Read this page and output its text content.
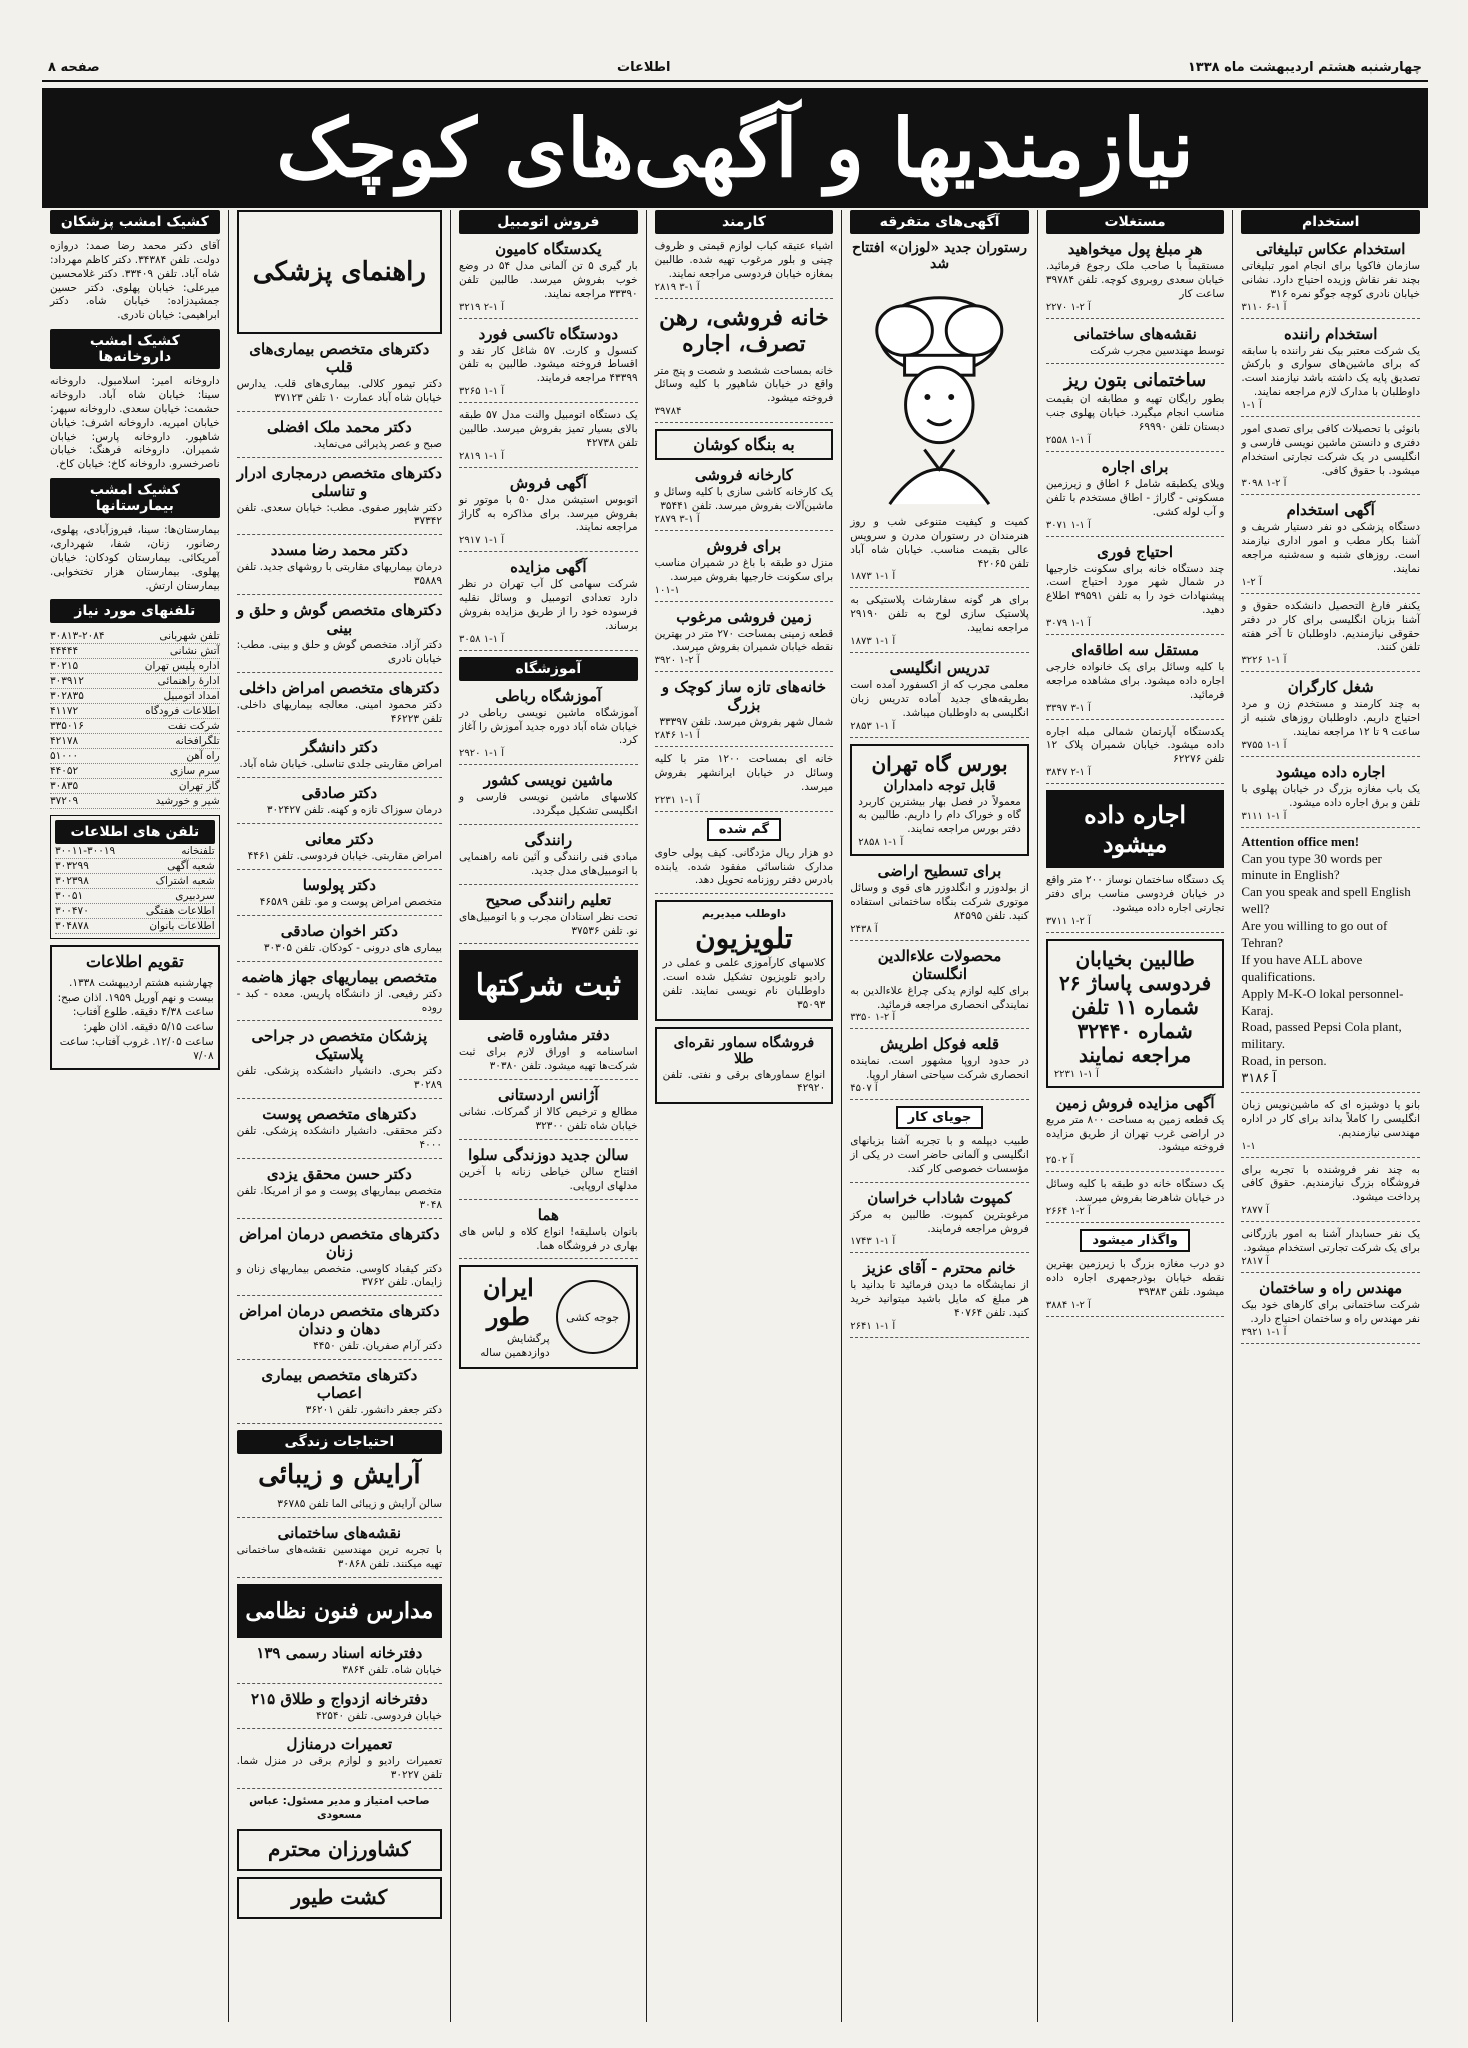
چهارشنبه هشتم اردیبهشت ماه ۱۳۳۸
اطلاعات
صفحه ۸
نیازمندیها و آگهی‌های کوچک
استخدام
استخدام عکاس تبلیغاتی
سازمان فاکوپا برای انجام امور تبلیغاتی بچند نفر نقاش وزیده احتیاج دارد. نشانی خیابان نادری کوچه جوگو نمره ۳۱۶
۳۱۱۰ آ ۱-۶
استخدام راننده
یک شرکت معتبر بیک نفر راننده با سابقه که برای ماشین‌های سواری و بارکش تصدیق پایه یک داشته باشد نیازمند است. داوطلبان با مدارک لازم مراجعه نمایند.
آ ۱-۱
بانوئی با تحصیلات کافی برای تصدی امور دفتری و دانستن ماشین نویسی فارسی و انگلیسی در یک شرکت تجارتی استخدام میشود. با حقوق کافی.
۳۰۹۸ آ ۲-۱
آگهی استخدام
دستگاه پزشکی دو نفر دستیار شریف و آشنا بکار مطب و امور اداری نیازمند است. روزهای شنبه و سه‌شنبه مراجعه نمایند.
آ ۲-۱
یکنفر فارغ التحصیل دانشکده حقوق و آشنا بزبان انگلیسی برای کار در دفتر حقوقی نیازمندیم. داوطلبان تا آخر هفته تلفن کنند.
۳۲۲۶ آ ۱-۱
شغل کارگران
به چند کارمند و مستخدم زن و مرد احتیاج داریم. داوطلبان روزهای شنبه از ساعت ۹ تا ۱۲ مراجعه نمایند.
۳۷۵۵ آ ۱-۱
اجاره داده میشود
یک باب مغازه بزرگ در خیابان پهلوی با تلفن و برق اجاره داده میشود.
۳۱۱۱ آ ۱-۱
Attention office men!
Can you type 30 words per minute in English?
Can you speak and spell English well?
Are you willing to go out of Tehran?
If you have ALL above qualifications.
Apply M-K-O lokal personnel- Karaj.
Road, passed Pepsi Cola plant, military.
Road, in person.
۳۱۸۶ آ
بانو یا دوشیزه ای که ماشین‌نویس زبان انگلیسی را کاملاً بداند برای کار در اداره مهندسی نیازمندیم.
۱-۱
به چند نفر فروشنده با تجربه برای فروشگاه بزرگ نیازمندیم. حقوق کافی پرداخت میشود.
۲۸۷۷ آ
یک نفر حسابدار آشنا به امور بازرگانی برای یک شرکت تجارتی استخدام میشود.
۲۸۱۷ آ
مهندس راه و ساختمان
شرکت ساختمانی برای کارهای خود بیک نفر مهندس راه و ساختمان احتیاج دارد.
۳۹۲۱ آ ۱-۱
مستغلات
هر مبلغ پول میخواهید
مستقیماً با صاحب ملک رجوع فرمائید. خیابان سعدی روبروی کوچه. تلفن ۳۹۷۸۴ ساعت کار
۲۲۷۰ آ ۲-۱
نقشه‌های ساختمانی
توسط مهندسین مجرب شرکت
ساختمانی بتون ریز
بطور رایگان تهیه و مطابقه ان بقیمت مناسب انجام میگیرد. خیابان پهلوی جنب دبستان تلفن ۶۹۹۹۰
۲۵۵۸ آ ۱-۱
برای اجاره
ویلای یکطبقه شامل ۶ اطاق و زیرزمین مسکونی - گاراژ - اطاق مستخدم با تلفن و آب لوله کشی.
۳۰۷۱ آ ۱-۱
احتیاج فوری
چند دستگاه خانه برای سکونت خارجیها در شمال شهر مورد احتیاج است. پیشنهادات خود را به تلفن ۳۹۵۹۱ اطلاع دهید.
۳۰۷۹ آ ۱-۱
مستقل سه اطاقه‌ای
با کلیه وسائل برای یک خانواده خارجی اجاره داده میشود. برای مشاهده مراجعه فرمائید.
۳۳۹۷ آ ۱-۳
یکدستگاه آپارتمان شمالی مبله اجاره داده میشود. خیابان شمیران پلاک ۱۲ تلفن ۶۲۲۷۶
۳۸۴۷ آ ۱-۲
اجاره داده میشود
یک دستگاه ساختمان نوساز ۲۰۰ متر واقع در خیابان فردوسی مناسب برای دفتر تجارتی اجاره داده میشود.
۳۷۱۱ آ ۲-۱
طالبین بخیابان فردوسی پاساژ ۲۶ شماره ۱۱ تلفن شماره ۳۲۴۴۰ مراجعه نمایند
۲۲۳۱ آ ۱-۱
آگهی مزایده فروش زمین
یک قطعه زمین به مساحت ۸۰۰ متر مربع در اراضی غرب تهران از طریق مزایده فروخته میشود.
۲۵۰۲ آ
یک دستگاه خانه دو طبقه با کلیه وسائل در خیابان شاهرضا بفروش میرسد.
۲۶۶۴ آ ۲-۱
واگذار میشود
دو درب مغازه بزرگ با زیرزمین بهترین نقطه خیابان بوذرجمهری اجاره داده میشود. تلفن ۳۹۳۸۳
۳۸۸۴ آ ۲-۱
آگهی‌های متفرقه
رستوران جدید «لوزان» افتتاح شد
کمیت و کیفیت متنوعی شب و روز هنرمندان در رستوران مدرن و سرویس عالی بقیمت مناسب. خیابان شاه آباد تلفن ۴۲۰۶۵
۱۸۷۳ آ ۱-۱
برای هر گونه سفارشات پلاستیکی به پلاستیک سازی لوح به تلفن ۲۹۱۹۰ مراجعه نمایید.
۱۸۷۳ آ ۱-۱
تدریس انگلیسی
معلمی مجرب که از اکسفورد آمده است بطریقه‌های جدید آماده تدریس زبان انگلیسی به داوطلبان میباشد.
۲۸۵۳ آ ۱-۱
بورس گاه تهران
قابل توجه دامداران
معمولاً در فصل بهار بیشترین کاربرد گاه و خوراک دام را داریم. طالبین به دفتر بورس مراجعه نمایند.
۲۸۵۸ آ ۱-۱
برای تسطیح اراضی
از بولدوزر و انگلدوزر های قوی و وسائل موتوری شرکت بنگاه ساختمانی استفاده کنید. تلفن ۸۴۵۹۵
۲۴۳۸ آ
محصولات علاءالدین انگلستان
برای کلیه لوازم یدکی چراغ علاءالدین به نمایندگی انحصاری مراجعه فرمائید.
۳۳۵۰ آ ۲-۱
قلعه فوکل اطریش
در حدود اروپا مشهور است. نماینده انحصاری شرکت سیاحتی اسفار اروپا.
۴۵۰۷ آ
جویای کار
طبیب دیپلمه و با تجربه آشنا بزبانهای انگلیسی و آلمانی حاضر است در یکی از مؤسسات خصوصی کار کند.
کمپوت شاداب خراسان
مرغوبترین کمپوت. طالبین به مرکز فروش مراجعه فرمایند.
۱۷۴۳ آ ۱-۱
خانم محترم - آقای عزیز
از نمایشگاه ما دیدن فرمائید تا بدانید با هر مبلغ که مایل باشید میتوانید خرید کنید. تلفن ۴۰۷۶۴
۲۶۴۱ آ ۱-۱
کارمند
اشیاء عتیقه کباب لوازم قیمتی و ظروف چینی و بلور مرغوب تهیه شده. طالبین بمغازه خیابان فردوسی مراجعه نمایند.
۲۸۱۹ آ ۱-۳
خانه فروشی، رهن تصرف، اجاره
خانه بمساحت ششصد و شصت و پنج متر واقع در خیابان شاهپور با کلیه وسائل فروخته میشود.
۳۹۷۸۴
به بنگاه کوشان
کارخانه فروشی
یک کارخانه کاشی سازی با کلیه وسائل و ماشین‌آلات بفروش میرسد. تلفن ۳۵۴۴۱
۲۸۷۹ آ ۱-۳
برای فروش
منزل دو طبقه با باغ در شمیران مناسب برای سکونت خارجیها بفروش میرسد.
۱۰۱-۱
زمین فروشی مرغوب
قطعه زمینی بمساحت ۲۷۰ متر در بهترین نقطه خیابان شمیران بفروش میرسد.
۳۹۲۰ آ ۲-۱
خانه‌های تازه ساز کوچک و بزرگ
شمال شهر بفروش میرسد. تلفن ۳۳۳۹۷
۲۸۴۶ آ ۱-۱
خانه ای بمساحت ۱۲۰۰ متر با کلیه وسائل در خیابان ایرانشهر بفروش میرسد.
۲۲۳۱ آ ۱-۱
گم شده
دو هزار ریال مژدگانی. کیف پولی حاوی مدارک شناسائی مفقود شده. یابنده بادرس دفتر روزنامه تحویل دهد.
داوطلب میدیریم
تلویزیون
کلاسهای کارآموزی علمی و عملی در رادیو تلویزیون تشکیل شده است. داوطلبان نام نویسی نمایند. تلفن ۳۵۰۹۳
فروشگاه سماور نقره‌ای طلا
انواع سماورهای برقی و نفتی. تلفن ۴۲۹۲۰
فروش اتومبیل
یکدستگاه کامیون
بار گیری ۵ تن آلمانی مدل ۵۴ در وضع خوب بفروش میرسد. طالبین تلفن ۳۳۳۹۰ مراجعه نمایند.
۳۲۱۹ آ ۱-۲
دودستگاه تاکسی فورد
کنسول و کارت. ۵۷ شاغل کار نقد و اقساط فروخته میشود. طالبین به تلفن ۴۳۳۹۹ مراجعه فرمایند.
۳۲۶۵ آ ۱-۱
یک دستگاه اتومبیل والنت مدل ۵۷ طبقه بالای بسیار تمیز بفروش میرسد. طالبین تلفن ۴۲۷۳۸
۲۸۱۹ آ ۱-۱
آگهی فروش
اتوبوس استیشن مدل ۵۰ با موتور نو بفروش میرسد. برای مذاکره به گاراژ مراجعه نمایند.
۲۹۱۷ آ ۱-۱
آگهی مزایده
شرکت سهامی کل آب تهران در نظر دارد تعدادی اتومبیل و وسائل نقلیه فرسوده خود را از طریق مزایده بفروش برساند.
۳۰۵۸ آ ۱-۱
آموزشگاه
آموزشگاه رباطی
آموزشگاه ماشین نویسی رباطی در خیابان شاه آباد دوره جدید آموزش را آغاز کرد.
۲۹۲۰ آ ۱-۱
ماشین نویسی کشور
کلاسهای ماشین نویسی فارسی و انگلیسی تشکیل میگردد.
رانندگی
مبادی فنی رانندگی و آئین نامه راهنمایی با اتومبیل‌های مدل جدید.
تعلیم رانندگی صحیح
تحت نظر استادان مجرب و با اتومبیل‌های نو. تلفن ۳۷۵۳۶
ثبت شرکتها
دفتر مشاوره قاضی
اساسنامه و اوراق لازم برای ثبت شرکت‌ها تهیه میشود. تلفن ۳۰۳۸۰
آژانس اردستانی
مطالع و ترخیص کالا از گمرکات. نشانی خیابان شاه تلفن ۳۲۳۰۰
سالن جدید دوزندگی سلوا
افتتاح سالن خیاطی زنانه با آخرین مدلهای اروپایی.
هما
بانوان باسلیقه! انواع کلاه و لباس های بهاری در فروشگاه هما.
جوجه کشی
ایران طور
پرگشایش دوازدهمین ساله
راهنمای پزشکی
دکترهای متخصص بیماری‌های قلب
دکتر تیمور کلالی. بیماری‌های قلب. یدارس خیابان شاه آباد عمارت ۱۰ تلفن ۳۷۱۲۳
دکتر محمد ملک افضلی
صبح و عصر پذیرائی می‌نماید.
دکترهای متخصص درمجاری ادرار و تناسلی
دکتر شاپور صفوی. مطب: خیابان سعدی. تلفن ۳۷۳۴۲
دکتر محمد رضا مسدد
درمان بیماریهای مقاربتی با روشهای جدید. تلفن ۳۵۸۸۹
دکترهای متخصص گوش و حلق و بینی
دکتر آزاد. متخصص گوش و حلق و بینی. مطب: خیابان نادری
دکترهای متخصص امراض داخلی
دکتر محمود امینی. معالجه بیماریهای داخلی. تلفن ۴۶۲۲۳
دکتر دانشگر
امراض مقاربتی جلدی تناسلی. خیابان شاه آباد.
دکتر صادقی
درمان سوزاک تازه و کهنه. تلفن ۳۰۲۴۲۷
دکتر معانی
امراض مقاربتی. خیابان فردوسی. تلفن ۴۴۶۱
دکتر پولوسا
متخصص امراض پوست و مو. تلفن ۴۶۵۸۹
دکتر اخوان صادقی
بیماری های درونی - کودکان. تلفن ۳۰۳۰۵
متخصص بیماریهای جهاز هاضمه
دکتر رفیعی. از دانشگاه پاریس. معده - کبد - روده
پزشکان متخصص در جراحی پلاستیک
دکتر بحری. دانشیار دانشکده پزشکی. تلفن ۳۰۲۸۹
دکترهای متخصص پوست
دکتر محققی. دانشیار دانشکده پزشکی. تلفن ۴۰۰۰
دکتر حسن محقق یزدی
متخصص بیماریهای پوست و مو از امریکا. تلفن ۳۰۴۸
دکترهای متخصص درمان امراض زنان
دکتر کیقباد کاوسی. متخصص بیماریهای زنان و زایمان. تلفن ۳۷۶۲
دکترهای متخصص درمان امراض دهان و دندان
دکتر آرام صفریان. تلفن ۴۴۵۰
دکترهای متخصص بیماری اعصاب
دکتر جعفر دانشور. تلفن ۳۶۲۰۱
احتیاجات زندگی
آرایش و زیبائی
سالن آرایش و زیبائی الما تلفن ۳۶۷۸۵
نقشه‌های ساختمانی
با تجربه ترین مهندسین نقشه‌های ساختمانی تهیه میکنند. تلفن ۳۰۸۶۸
مدارس فنون نظامی
دفترخانه اسناد رسمی ۱۳۹
خیابان شاه. تلفن ۳۸۶۴
دفترخانه ازدواج و طلاق ۲۱۵
خیابان فردوسی. تلفن ۴۲۵۴۰
تعمیرات درمنازل
تعمیرات رادیو و لوازم برقی در منزل شما. تلفن ۳۰۲۲۷
صاحب امتیاز و مدیر مسئول: عباس مسعودی
کشاورزان محترم
کشت طیور
کشیک امشب پزشکان
آقای دکتر محمد رضا صمد: دروازه دولت. تلفن ۳۴۳۸۴. دکتر کاظم مهرداد: شاه آباد. تلفن ۳۳۴۰۹. دکتر غلامحسین میرعلی: خیابان پهلوی. دکتر حسین جمشیدزاده: خیابان شاه. دکتر ابراهیمی: خیابان نادری.
کشیک امشب داروخانه‌ها
داروخانه امیر: اسلامبول. داروخانه سینا: خیابان شاه آباد. داروخانه حشمت: خیابان سعدی. داروخانه سپهر: خیابان امیریه. داروخانه اشرف: خیابان شاهپور. داروخانه پارس: خیابان شمیران. داروخانه فرهنگ: خیابان ناصرخسرو. داروخانه کاخ: خیابان کاخ.
کشیک امشب بیمارستانها
بیمارستان‌ها: سینا، فیروزآبادی، پهلوی، رضانور، زنان، شفا، شهرداری، آمریکائی. بیمارستان کودکان: خیابان پهلوی. بیمارستان هزار تختخوابی. بیمارستان ارتش.
تلفنهای مورد نیاز
تلفن شهربانی
۳۰۸۱۳-۲۰۸۴
آتش نشانی
۴۴۴۴۴
اداره پلیس تهران
۳۰۲۱۵
ادارۀ راهنمائی
۳۰۳۹۱۲
امداد اتومبیل
۳۰۲۸۳۵
اطلاعات فرودگاه
۴۱۱۷۲
شرکت نفت
۳۳۵۰۱۶
تلگرافخانه
۴۲۱۷۸
راه آهن
۵۱۰۰۰
سرم سازی
۴۴۰۵۲
گاز تهران
۳۰۸۳۵
شیر و خورشید
۳۷۲۰۹
تلفن های اطلاعات
تلفنخانه
۳۰۰۱۱-۳۰۰۱۹
شعبه آگهی
۳۰۳۲۹۹
شعبه اشتراک
۳۰۲۳۹۸
سردبیری
۳۰۰۵۱
اطلاعات هفتگی
۳۰۰۴۷۰
اطلاعات بانوان
۳۰۴۸۷۸
تقویم اطلاعات
چهارشنبه هشتم اردیبهشت ۱۳۳۸. بیست و نهم آوریل ۱۹۵۹. اذان صبح: ساعت ۴/۳۸ دقیقه. طلوع آفتاب: ساعت ۵/۱۵ دقیقه. اذان ظهر: ساعت ۱۲/۰۵. غروب آفتاب: ساعت ۷/۰۸
